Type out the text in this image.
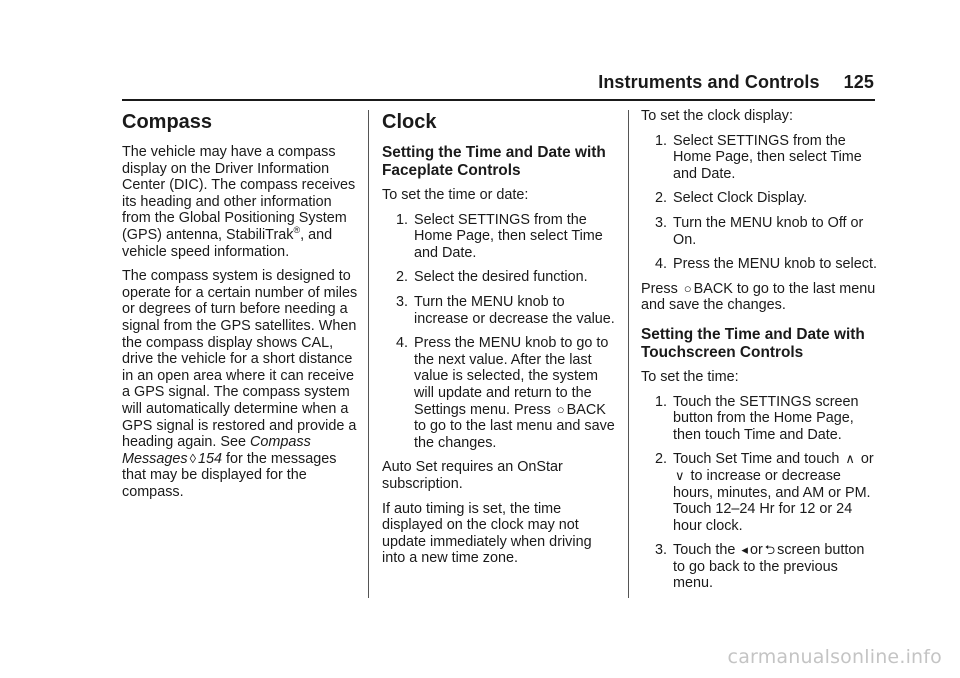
Instruments and Controls 125
Compass

The vehicle may have a compass display on the Driver Information Center (DIC). The compass receives its heading and other information from the Global Positioning System (GPS) antenna, StabiliTrak®, and vehicle speed information.

The compass system is designed to operate for a certain number of miles or degrees of turn before needing a signal from the GPS satellites. When the compass display shows CAL, drive the vehicle for a short distance in an open area where it can receive a GPS signal. The compass system will automatically determine when a GPS signal is restored and provide a heading again. See Compass Messages ◊ 154 for the messages that may be displayed for the compass.

Clock
Setting the Time and Date with Faceplate Controls

To set the time or date:

1. Select SETTINGS from the Home Page, then select Time and Date.
2. Select the desired function.
3. Turn the MENU knob to increase or decrease the value.
4. Press the MENU knob to go to the next value. After the last value is selected, the system will update and return to the Settings menu. Press ○ BACK to go to the last menu and save the changes.

Auto Set requires an OnStar subscription.

If auto timing is set, the time displayed on the clock may not update immediately when driving into a new time zone.

To set the clock display:

1. Select SETTINGS from the Home Page, then select Time and Date.
2. Select Clock Display.
3. Turn the MENU knob to Off or On.
4. Press the MENU knob to select.

Press ○ BACK to go to the last menu and save the changes.

Setting the Time and Date with Touchscreen Controls

To set the time:

1. Touch the SETTINGS screen button from the Home Page, then touch Time and Date.
2. Touch Set Time and touch ∧ or ∨ to increase or decrease hours, minutes, and AM or PM. Touch 12–24 Hr for 12 or 24 hour clock.
3. Touch the ◂ or ⮌ screen button to go back to the previous menu.
carmanualsonline.info
